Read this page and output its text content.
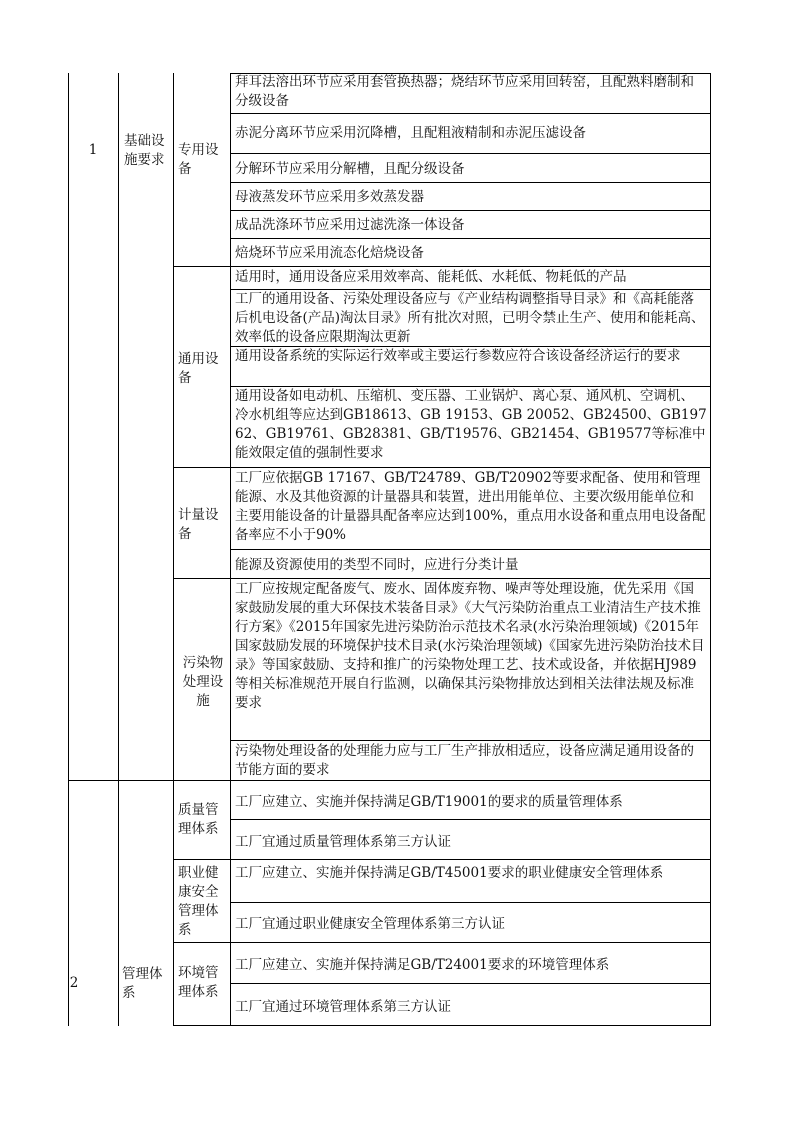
1
基础设施要求
专用设备
拜耳法溶出环节应采用套管换热器；烧结环节应采用回转窑，且配熟料磨制和分级设备
赤泥分离环节应采用沉降槽，且配粗液精制和赤泥压滤设备
分解环节应采用分解槽，且配分级设备
母液蒸发环节应采用多效蒸发器
成品洗涤环节应采用过滤洗涤一体设备
焙烧环节应采用流态化焙烧设备
通用设备
适用时，通用设备应采用效率高、能耗低、水耗低、物耗低的产品
工厂的通用设备、污染处理设备应与《产业结构调整指导目录》和《高耗能落后机电设备(产品)淘汰目录》所有批次对照，已明令禁止生产、使用和能耗高、效率低的设备应限期淘汰更新
通用设备系统的实际运行效率或主要运行参数应符合该设备经济运行的要求
通用设备如电动机、压缩机、变压器、工业锅炉、离心泵、通风机、空调机、冷水机组等应达到GB18613、GB 19153、GB 20052、GB24500、GB19762、GB19761、GB28381、GB/T19576、GB21454、GB19577等标准中能效限定值的强制性要求
计量设备
工厂应依据GB 17167、GB/T24789、GB/T20902等要求配备、使用和管理能源、水及其他资源的计量器具和装置，进出用能单位、主要次级用能单位和主要用能设备的计量器具配备率应达到100%，重点用水设备和重点用电设备配备率应不小于90%
能源及资源使用的类型不同时，应进行分类计量
污染物处理设施
工厂应按规定配备废气、废水、固体废弃物、噪声等处理设施，优先采用《国家鼓励发展的重大环保技术装备目录》《大气污染防治重点工业清洁生产技术推行方案》《2015年国家先进污染防治示范技术名录(水污染治理领域)《2015年国家鼓励发展的环境保护技术目录(水污染治理领域)《国家先进污染防治技术目录》等国家鼓励、支持和推广的污染物处理工艺、技术或设备，并依据HJ989等相关标准规范开展自行监测，以确保其污染物排放达到相关法律法规及标准要求
污染物处理设备的处理能力应与工厂生产排放相适应，设备应满足通用设备的节能方面的要求
2
管理体系
质量管理体系
工厂应建立、实施并保持满足GB/T19001的要求的质量管理体系
工厂宜通过质量管理体系第三方认证
职业健康安全管理体系
工厂应建立、实施并保持满足GB/T45001要求的职业健康安全管理体系
工厂宜通过职业健康安全管理体系第三方认证
环境管理体系
工厂应建立、实施并保持满足GB/T24001要求的环境管理体系
工厂宜通过环境管理体系第三方认证
